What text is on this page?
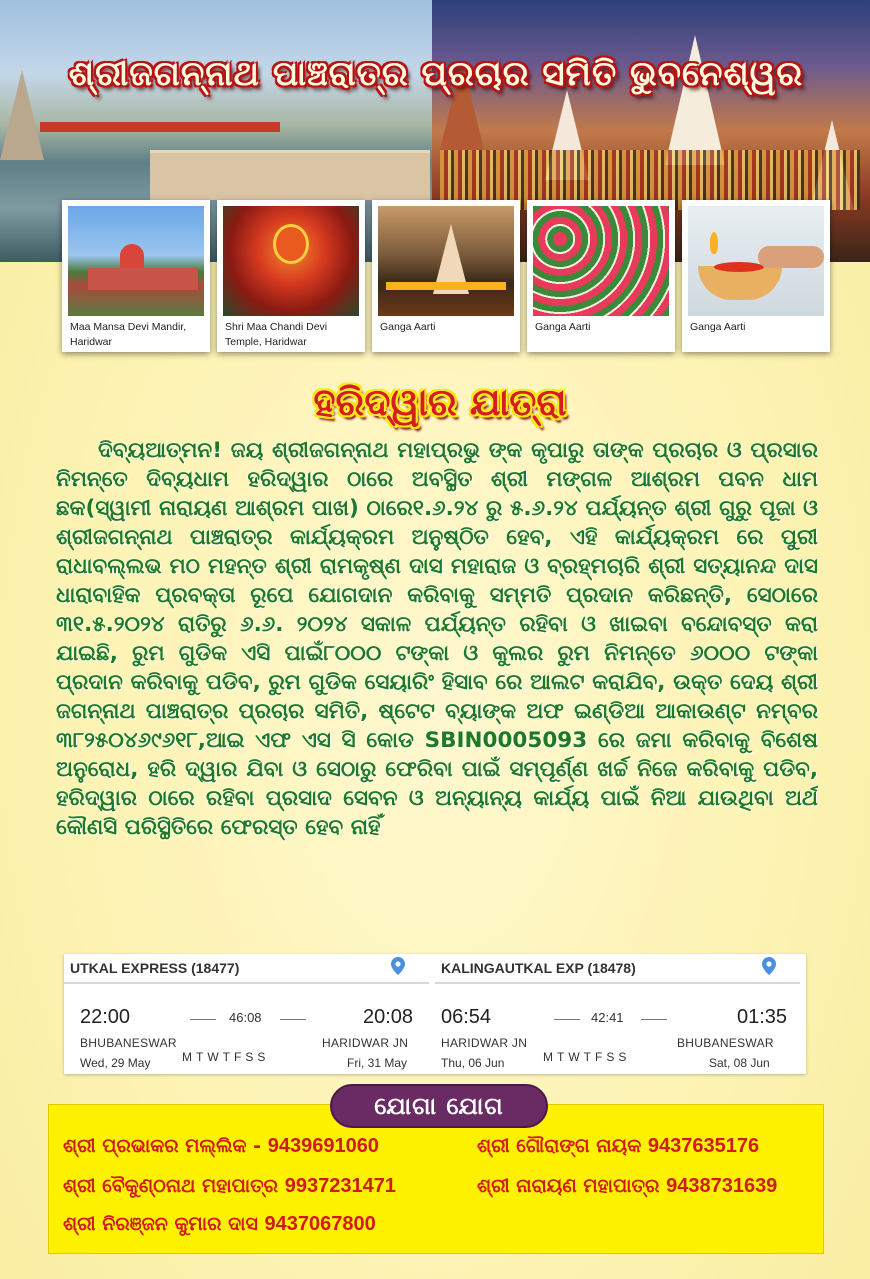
ଶ୍ରୀଜଗନ୍ନାଥ ପାଞ୍ଚରାତ୍ର ପ୍ରଚାର ସମିତି ଭୁବନେଶ୍ୱର
Maa Mansa Devi Mandir, Haridwar
Shri Maa Chandi Devi Temple, Haridwar
Ganga Aarti	Ganga Aarti	Ganga Aarti
ହରିଦ୍ୱାର ଯାତ୍ରା

ଦିବ୍ୟଆତ୍ମନ! ଜୟ ଶ୍ରୀଜଗନ୍ନାଥ ମହାପ୍ରଭୁ ଙ୍କ କୃପାରୁ ତାଙ୍କ ପ୍ରଚାର ଓ ପ୍ରସାର ନିମନ୍ତେ ଦିବ୍ୟଧାମ ହରିଦ୍ୱାର ଠାରେ ଅବସ୍ଥିତ ଶ୍ରୀ ମଙ୍ଗଳ ଆଶ୍ରମ ପବନ ଧାମ ଛକ(ସ୍ୱାମୀ ନାରାୟଣ ଆଶ୍ରମ ପାଖ) ଠାରେ୧.୬.୨୪ ରୁ ୫.୬.୨୪ ପର୍ଯ୍ୟନ୍ତ ଶ୍ରୀ ଗୁରୁ ପୂଜା ଓ ଶ୍ରୀଜଗନ୍ନାଥ ପାଞ୍ଚରାତ୍ର କାର୍ଯ୍ୟକ୍ରମ ଅନୁଷ୍ଠିତ ହେବ, ଏହି କାର୍ଯ୍ୟକ୍ରମ ରେ ପୁରୀ ରାଧାବଲ୍ଲଭ ମଠ ମହନ୍ତ ଶ୍ରୀ ରାମକୃଷ୍ଣ ଦାସ ମହାରାଜ ଓ ବ୍ରହ୍ମଚାରି ଶ୍ରୀ ସତ୍ୟାନନ୍ଦ ଦାସ ଧାରାବାହିକ ପ୍ରବକ୍ତା ରୂପେ ଯୋଗଦାନ କରିବାକୁ ସମ୍ମତି ପ୍ରଦାନ କରିଛନ୍ତି, ସେଠାରେ ୩୧.୫.୨୦୨୪ ରାତିରୁ ୬.୬. ୨୦୨୪ ସକାଳ ପର୍ଯ୍ୟନ୍ତ ରହିବା ଓ ଖାଇବା ବନ୍ଦୋବସ୍ତ କରା ଯାଇଛି, ରୁମ ଗୁଡିକ ଏସି ପାଇଁ୮୦୦୦ ଟଙ୍କା ଓ କୁଲର ରୁମ ନିମନ୍ତେ ୬୦୦୦ ଟଙ୍କା ପ୍ରଦାନ କରିବାକୁ ପଡିବ, ରୁମ ଗୁଡିକ ସେୟାରିଂ ହିସାବ ରେ ଆଲଟ କରାଯିବ, ଉକ୍ତ ଦେୟ ଶ୍ରୀ ଜଗନ୍ନାଥ ପାଞ୍ଚରାତ୍ର ପ୍ରଚାର ସମିତି, ଷ୍ଟେଟ ବ୍ୟାଙ୍କ ଅଫ ଇଣ୍ଡିଆ ଆକାଉଣ୍ଟ ନମ୍ବର ୩୮୨୫୦୪୬୯୬୧୮,ଆଇ ଏଫ ଏସ ସି କୋଡ SBIN0005093 ରେ ଜମା କରିବାକୁ ବିଶେଷ ଅନୁରୋଧ, ହରି ଦ୍ୱାର ଯିବା ଓ ସେଠାରୁ ଫେରିବା ପାଇଁ ସମ୍ପୂର୍ଣ୍ଣ ଖର୍ଚ୍ଚ ନିଜେ କରିବାକୁ ପଡିବ, ହରିଦ୍ୱାର ଠାରେ ରହିବା ପ୍ରସାଦ ସେବନ ଓ ଅନ୍ୟାନ୍ୟ କାର୍ଯ୍ୟ ପାଇଁ ନିଆ ଯାଉଥିବା ଅର୍ଥ କୌଣସି ପରିସ୍ଥିତିରେ ଫେରସ୍ତ ହେବ ନାହିଁ

UTKAL EXPRESS (18477)
22:00	46:08	20:08
BHUBANESWAR	HARIDWAR JN
Wed, 29 May	MTWTFSS	Fri, 31 May
KALINGAUTKAL EXP (18478)
06:54	42:41	01:35
HARIDWAR JN	BHUBANESWAR
Thu, 06 Jun	MTWTFSS	Sat, 08 Jun
ଶ୍ରୀ ପ୍ରଭାକର ମଲ୍ଲିକ - 9439691060	ଶ୍ରୀ ଗୌରାଙ୍ଗ ନାୟକ 9437635176
ଶ୍ରୀ ବୈକୁଣ୍ଠନାଥ ମହାପାତ୍ର 9937231471	ଶ୍ରୀ ନାରାୟଣ ମହାପାତ୍ର 9438731639
ଶ୍ରୀ ନିରଞ୍ଜନ କୁମାର ଦାସ 9437067800
ଯୋଗା ଯୋଗ
